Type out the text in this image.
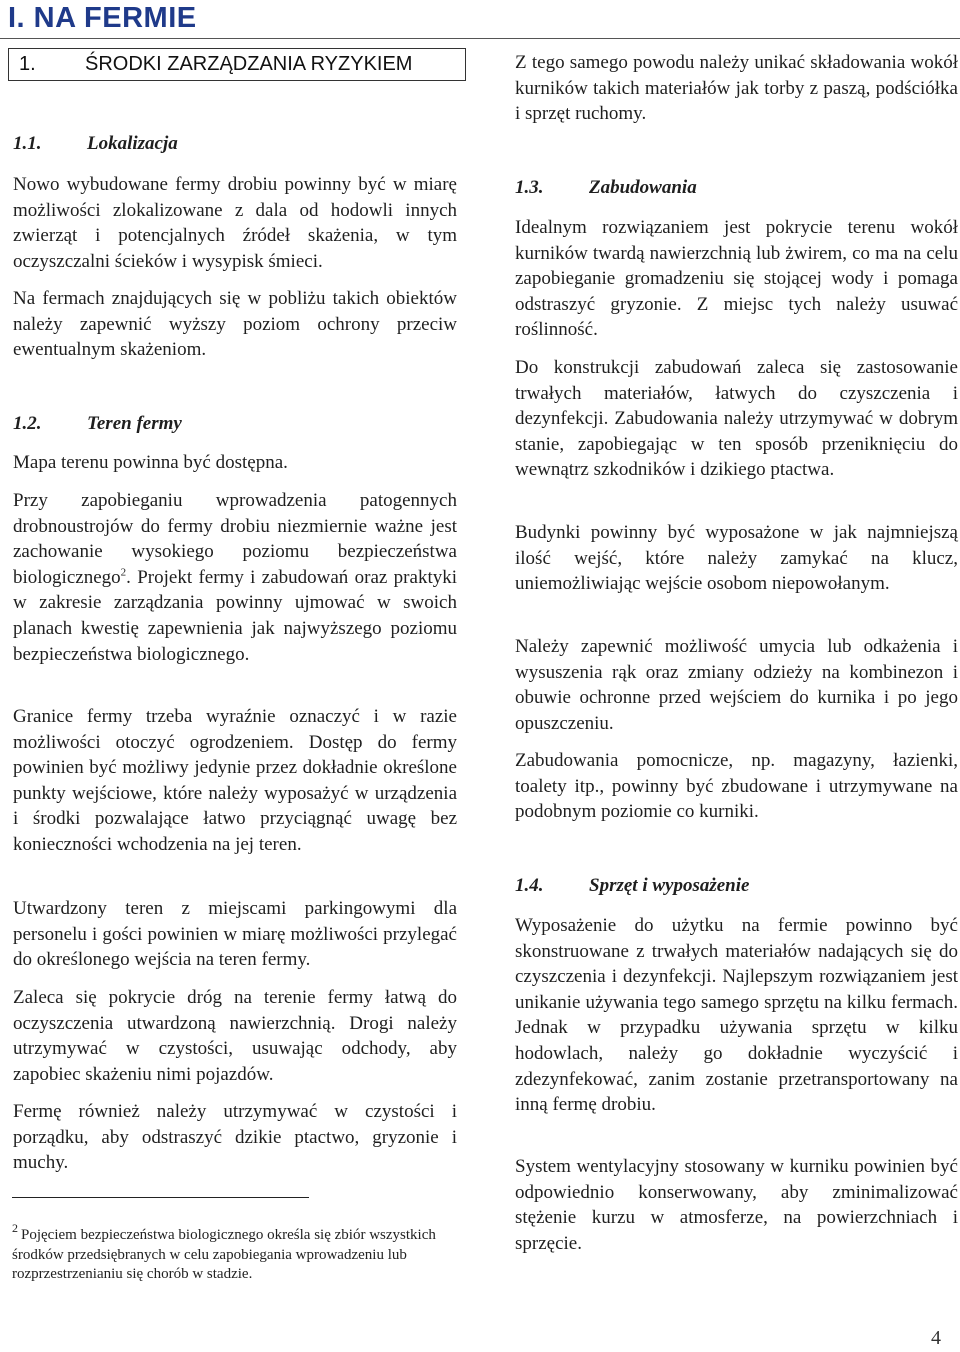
I. NA FERMIE
1.	ŚRODKI ZARZĄDZANIA RYZYKIEM
1.1. Lokalizacja

Nowo wybudowane fermy drobiu powinny być w miarę możliwości zlokalizowane z dala od hodowli innych zwierząt i potencjalnych źródeł skażenia, w tym oczyszczalni ścieków i wysypisk śmieci.

Na fermach znajdujących się w pobliżu takich obiektów należy zapewnić wyższy poziom ochrony przeciw ewentualnym skażeniom.

1.2. Teren fermy

Mapa terenu powinna być dostępna.

Przy zapobieganiu wprowadzenia patogennych drobnoustrojów do fermy drobiu niezmiernie ważne jest zachowanie wysokiego poziomu bezpieczeństwa biologicznego$^2$. Projekt fermy i zabudowań oraz praktyki w zakresie zarządzania powinny ujmować w swoich planach kwestię zapewnienia jak najwyższego poziomu bezpieczeństwa biologicznego.

Granice fermy trzeba wyraźnie oznaczyć i w razie możliwości otoczyć ogrodzeniem. Dostęp do fermy powinien być możliwy jedynie przez dokładnie określone punkty wejściowe, które należy wyposażyć w urządzenia i środki pozwalające łatwo przyciągnąć uwagę bez konieczności wchodzenia na jej teren.

Utwardzony teren z miejscami parkingowymi dla personelu i gości powinien w miarę możliwości przylegać do określonego wejścia na teren fermy.

Zaleca się pokrycie dróg na terenie fermy łatwą do oczyszczenia utwardzoną nawierzchnią. Drogi należy utrzymywać w czystości, usuwając odchody, aby zapobiec skażeniu nimi pojazdów.

Fermę również należy utrzymywać w czystości i porządku, aby odstraszyć dzikie ptactwo, gryzonie i muchy.

$^2$ Pojęciem bezpieczeństwa biologicznego określa się zbiór wszystkich środków przedsiębranych w celu zapobiegania wprowadzeniu lub rozprzestrzenianiu się chorób w stadzie.

Z tego samego powodu należy unikać składowania wokół kurników takich materiałów jak torby z paszą, podściółka i sprzęt ruchomy.

1.3. Zabudowania

Idealnym rozwiązaniem jest pokrycie terenu wokół kurników twardą nawierzchnią lub żwirem, co ma na celu zapobieganie gromadzeniu się stojącej wody i pomaga odstraszyć gryzonie. Z miejsc tych należy usuwać roślinność.

Do konstrukcji zabudowań zaleca się zastosowanie trwałych materiałów, łatwych do czyszczenia i dezynfekcji. Zabudowania należy utrzymywać w dobrym stanie, zapobiegając w ten sposób przeniknięciu do wewnątrz szkodników i dzikiego ptactwa.

Budynki powinny być wyposażone w jak najmniejszą ilość wejść, które należy zamykać na klucz, uniemożliwiając wejście osobom niepowołanym.

Należy zapewnić możliwość umycia lub odkażenia i wysuszenia rąk oraz zmiany odzieży na kombinezon i obuwie ochronne przed wejściem do kurnika i po jego opuszczeniu.

Zabudowania pomocnicze, np. magazyny, łazienki, toalety itp., powinny być zbudowane i utrzymywane na podobnym poziomie co kurniki.

1.4. Sprzęt i wyposażenie

Wyposażenie do użytku na fermie powinno być skonstruowane z trwałych materiałów nadających się do czyszczenia i dezynfekcji. Najlepszym rozwiązaniem jest unikanie używania tego samego sprzętu na kilku fermach. Jednak w przypadku używania sprzętu w kilku hodowlach, należy go dokładnie wyczyścić i zdezynfekować, zanim zostanie przetransportowany na inną fermę drobiu.

System wentylacyjny stosowany w kurniku powinien być odpowiednio konserwowany, aby zminimalizować stężenie kurzu w atmosferze, na powierzchniach i sprzęcie.

4
